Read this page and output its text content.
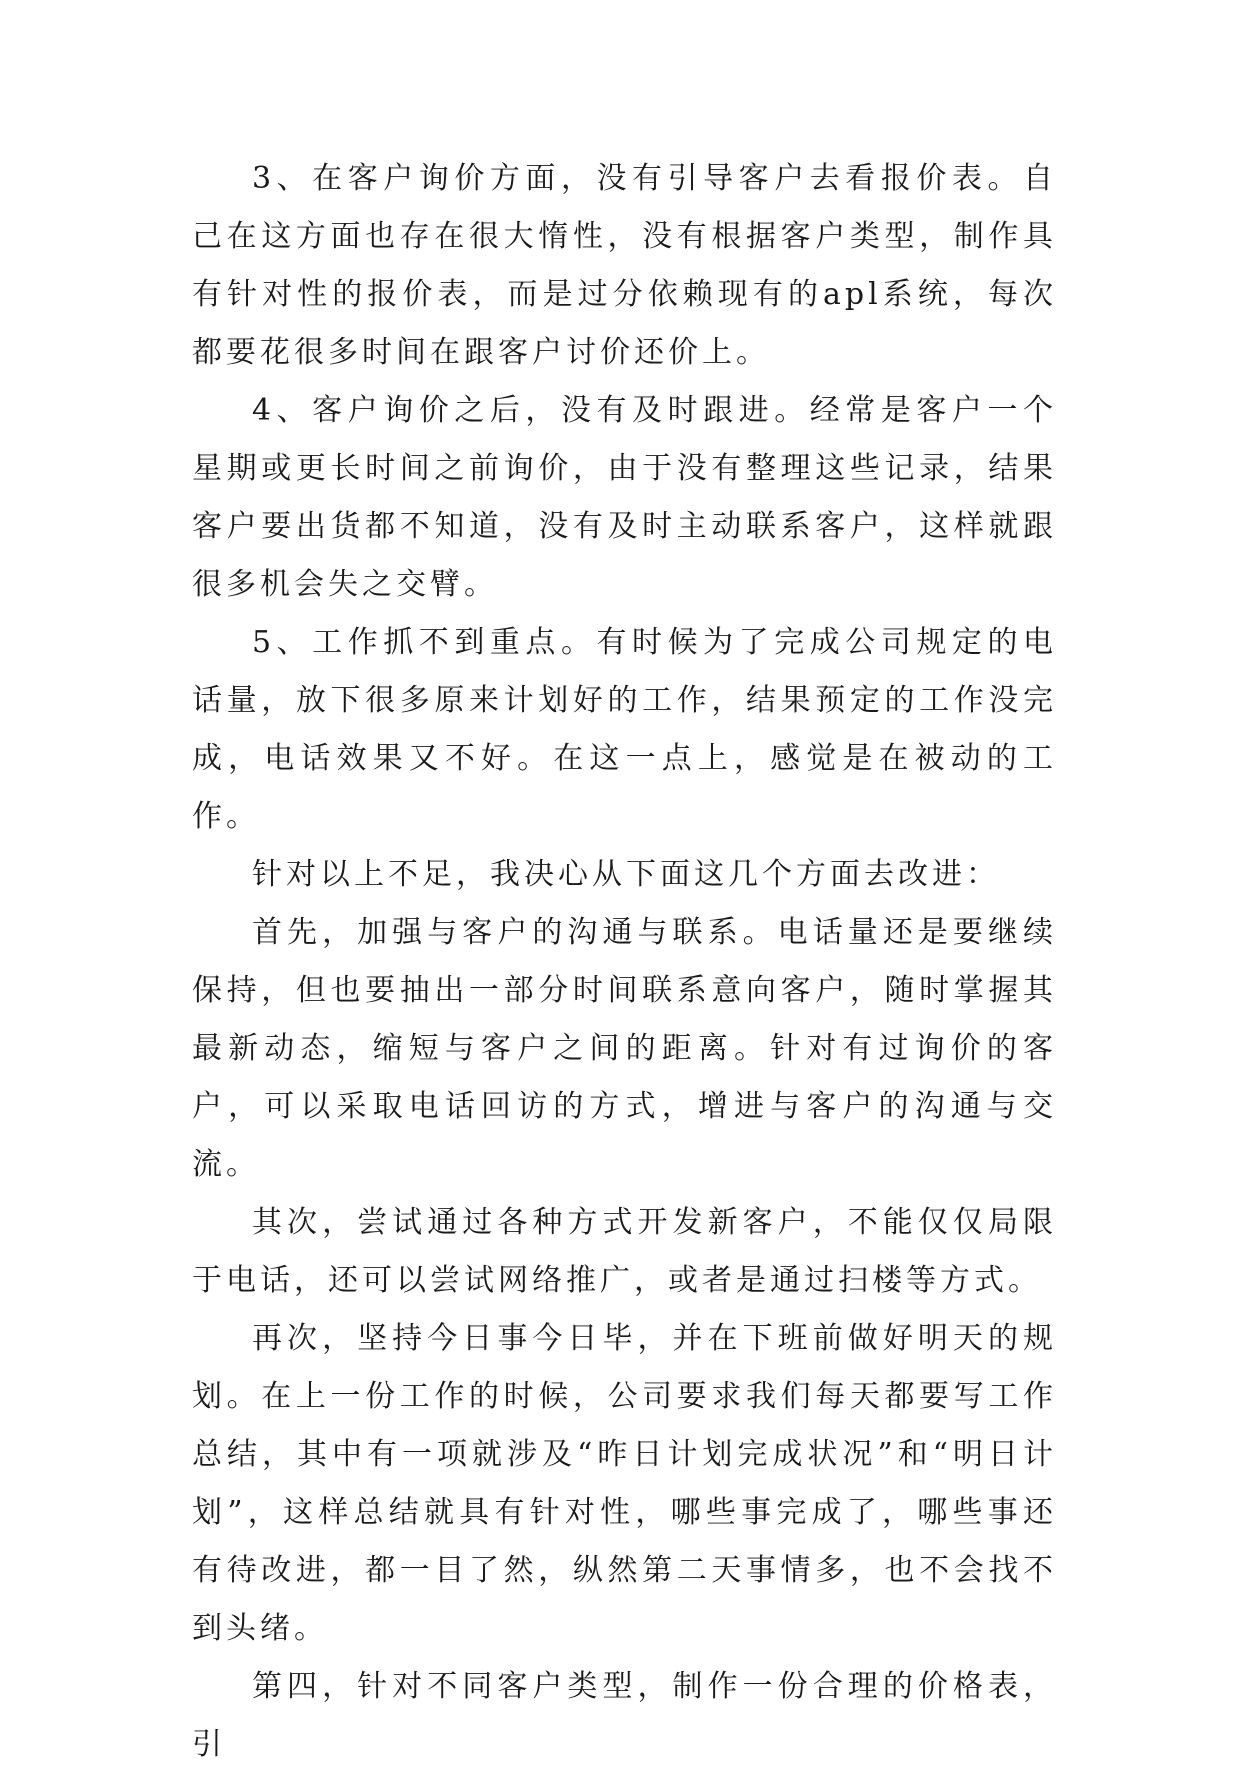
3、在客户询价方面，没有引导客户去看报价表。自己在这方面也存在很大惰性，没有根据客户类型，制作具有针对性的报价表，而是过分依赖现有的apl系统，每次都要花很多时间在跟客户讨价还价上。

4、客户询价之后，没有及时跟进。经常是客户一个星期或更长时间之前询价，由于没有整理这些记录，结果客户要出货都不知道，没有及时主动联系客户，这样就跟很多机会失之交臂。

5、工作抓不到重点。有时候为了完成公司规定的电话量，放下很多原来计划好的工作，结果预定的工作没完成，电话效果又不好。在这一点上，感觉是在被动的工作。

针对以上不足，我决心从下面这几个方面去改进：

首先，加强与客户的沟通与联系。电话量还是要继续保持，但也要抽出一部分时间联系意向客户，随时掌握其最新动态，缩短与客户之间的距离。针对有过询价的客户，可以采取电话回访的方式，增进与客户的沟通与交流。

其次，尝试通过各种方式开发新客户，不能仅仅局限于电话，还可以尝试网络推广，或者是通过扫楼等方式。

再次，坚持今日事今日毕，并在下班前做好明天的规划。在上一份工作的时候，公司要求我们每天都要写工作总结，其中有一项就涉及“昨日计划完成状况”和“明日计划”，这样总结就具有针对性，哪些事完成了，哪些事还有待改进，都一目了然，纵然第二天事情多，也不会找不到头绪。

第四，针对不同客户类型，制作一份合理的价格表，引
